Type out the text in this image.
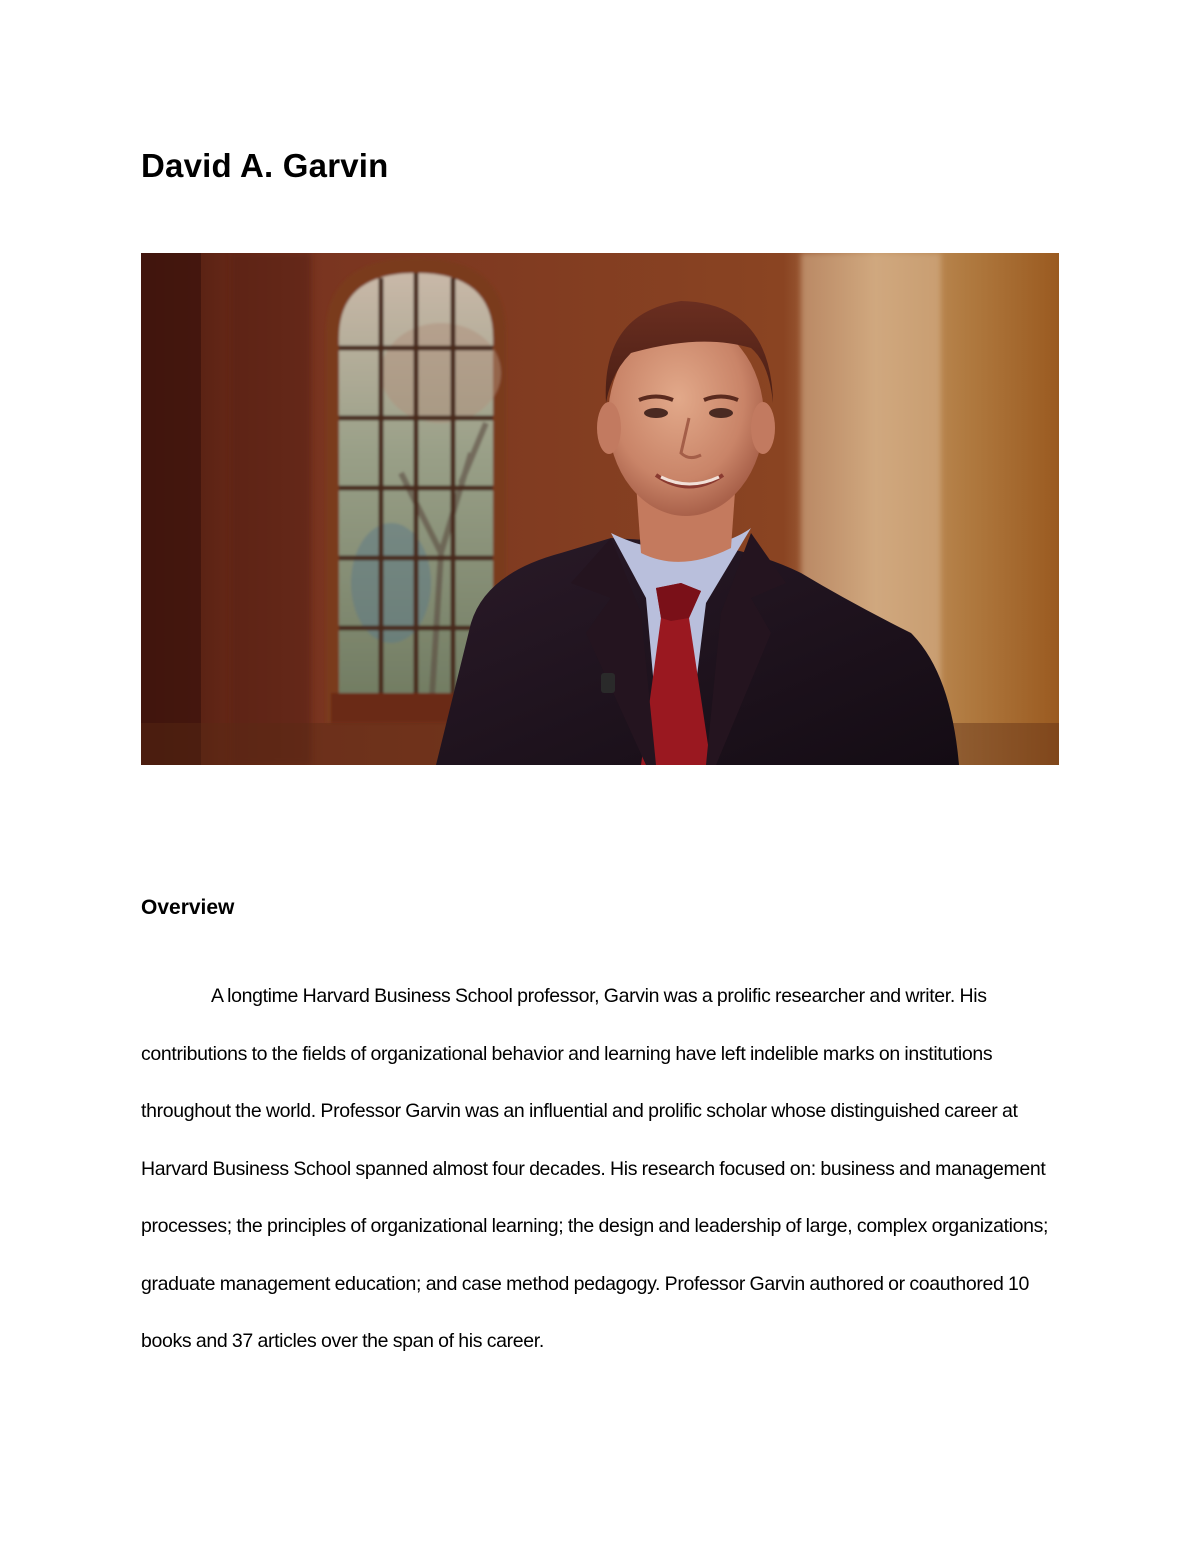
David A. Garvin
Overview

A longtime Harvard Business School professor, Garvin was a prolific researcher and writer. His contributions to the fields of organizational behavior and learning have left indelible marks on institutions throughout the world. Professor Garvin was an influential and prolific scholar whose distinguished career at Harvard Business School spanned almost four decades. His research focused on: business and management processes; the principles of organizational learning; the design and leadership of large, complex organizations; graduate management education; and case method pedagogy. Professor Garvin authored or coauthored 10 books and 37 articles over the span of his career.
